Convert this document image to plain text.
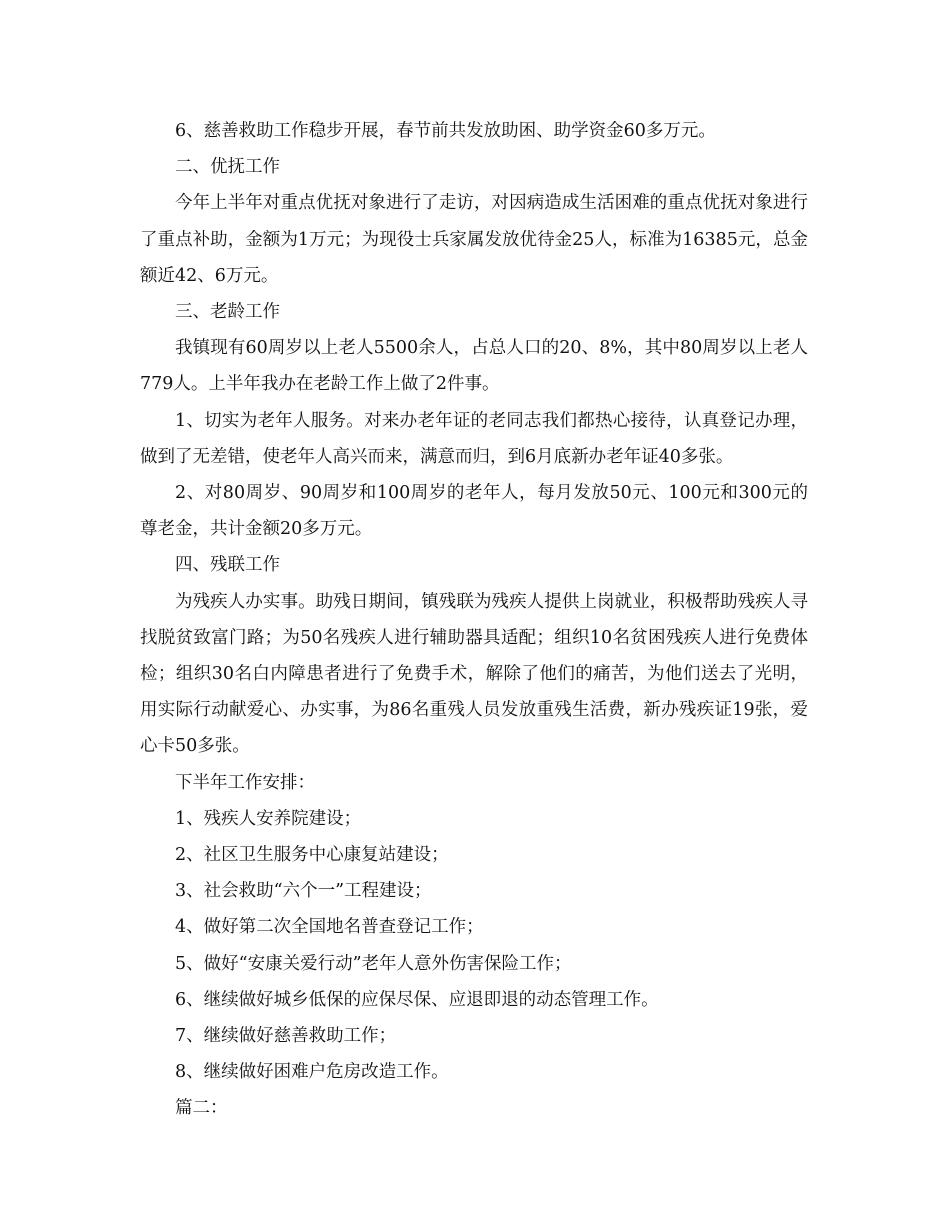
6、慈善救助工作稳步开展，春节前共发放助困、助学资金60多万元。

二、优抚工作

今年上半年对重点优抚对象进行了走访，对因病造成生活困难的重点优抚对象进行了重点补助，金额为1万元；为现役士兵家属发放优待金25人，标准为16385元，总金额近42、6万元。

三、老龄工作

我镇现有60周岁以上老人5500余人，占总人口的20、8%，其中80周岁以上老人779人。上半年我办在老龄工作上做了2件事。

1、切实为老年人服务。对来办老年证的老同志我们都热心接待，认真登记办理，做到了无差错，使老年人高兴而来，满意而归，到6月底新办老年证40多张。

2、对80周岁、90周岁和100周岁的老年人，每月发放50元、100元和300元的尊老金，共计金额20多万元。

四、残联工作

为残疾人办实事。助残日期间，镇残联为残疾人提供上岗就业，积极帮助残疾人寻找脱贫致富门路；为50名残疾人进行辅助器具适配；组织10名贫困残疾人进行免费体检；组织30名白内障患者进行了免费手术，解除了他们的痛苦，为他们送去了光明，用实际行动献爱心、办实事，为86名重残人员发放重残生活费，新办残疾证19张，爱心卡50多张。

下半年工作安排：

1、残疾人安养院建设；

2、社区卫生服务中心康复站建设；

3、社会救助“六个一”工程建设；

4、做好第二次全国地名普查登记工作；

5、做好“安康关爱行动”老年人意外伤害保险工作；

6、继续做好城乡低保的应保尽保、应退即退的动态管理工作。

7、继续做好慈善救助工作；

8、继续做好困难户危房改造工作。

篇二：
